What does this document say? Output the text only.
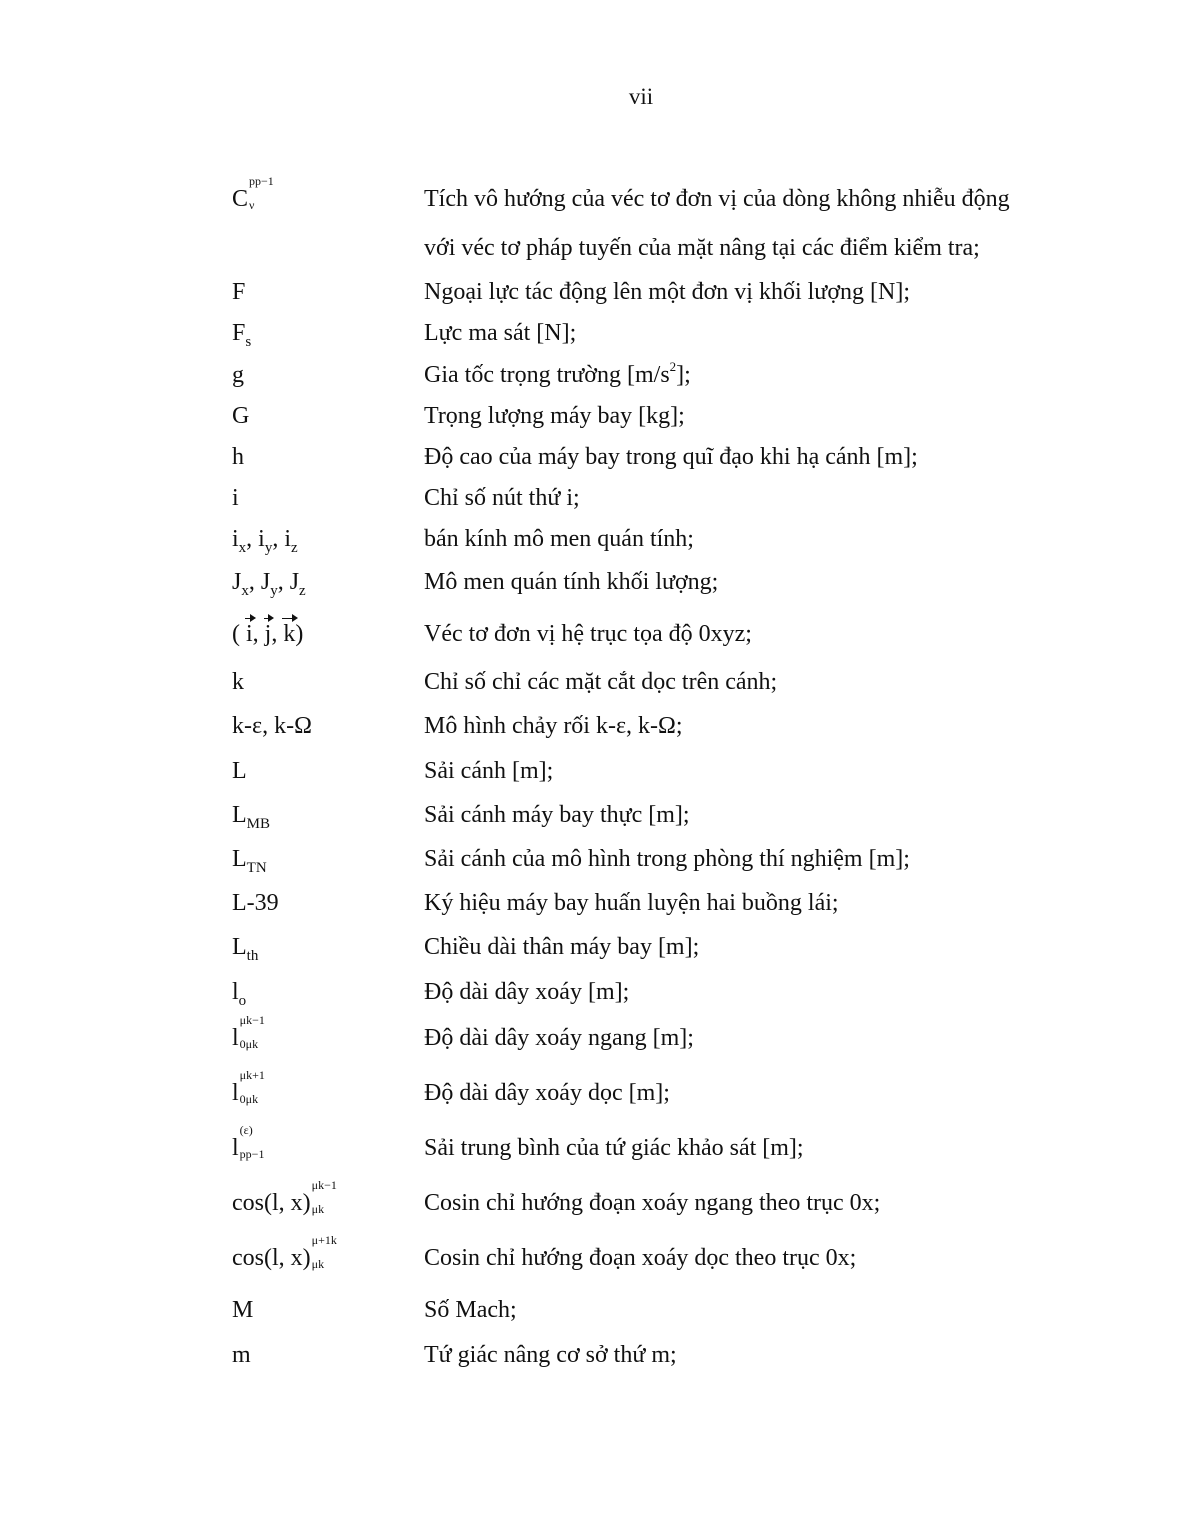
vii
C
pp−1
ν	Tích vô hướng của véc tơ đơn vị của dòng không nhiễu động
với véc tơ pháp tuyến của mặt nâng tại các điểm kiểm tra;
F	Ngoại lực tác động lên một đơn vị khối lượng [N];
$F_s$	Lực ma sát [N];
g	Gia tốc trọng trường $[m/s^2]$;
G	Trọng lượng máy bay [kg];
h	Độ cao của máy bay trong quĩ đạo khi hạ cánh [m];
i	Chỉ số nút thứ i;
$i_x$, $i_y$, $i_z$	bán kính mô men quán tính;
$J_x$, $J_y$, $J_z$	Mô men quán tính khối lượng;
( i, j, k)	Véc tơ đơn vị hệ trục tọa độ 0xyz;
k	Chỉ số chỉ các mặt cắt dọc trên cánh;
k-ε, k-Ω	Mô hình chảy rối k-ε, k-Ω;
L	Sải cánh [m];
$L_{MB}$	Sải cánh máy bay thực [m];
$L_{TN}$	Sải cánh của mô hình trong phòng thí nghiệm [m];
L-39	Ký hiệu máy bay huấn luyện hai buồng lái;
$L_{th}$	Chiều dài thân máy bay [m];
$l_o$	Độ dài dây xoáy [m];
l
μk−1
0μk	Độ dài dây xoáy ngang [m];
l
μk+1
0μk	Độ dài dây xoáy dọc [m];
l
(ε)
pp−1	Sải trung bình của tứ giác khảo sát [m];
cos(l, x)
μk−1
μk	Cosin chỉ hướng đoạn xoáy ngang theo trục 0x;
cos(l, x)
μ+1k
μk	Cosin chỉ hướng đoạn xoáy dọc theo trục 0x;
M	Số Mach;
m	Tứ giác nâng cơ sở thứ m;
